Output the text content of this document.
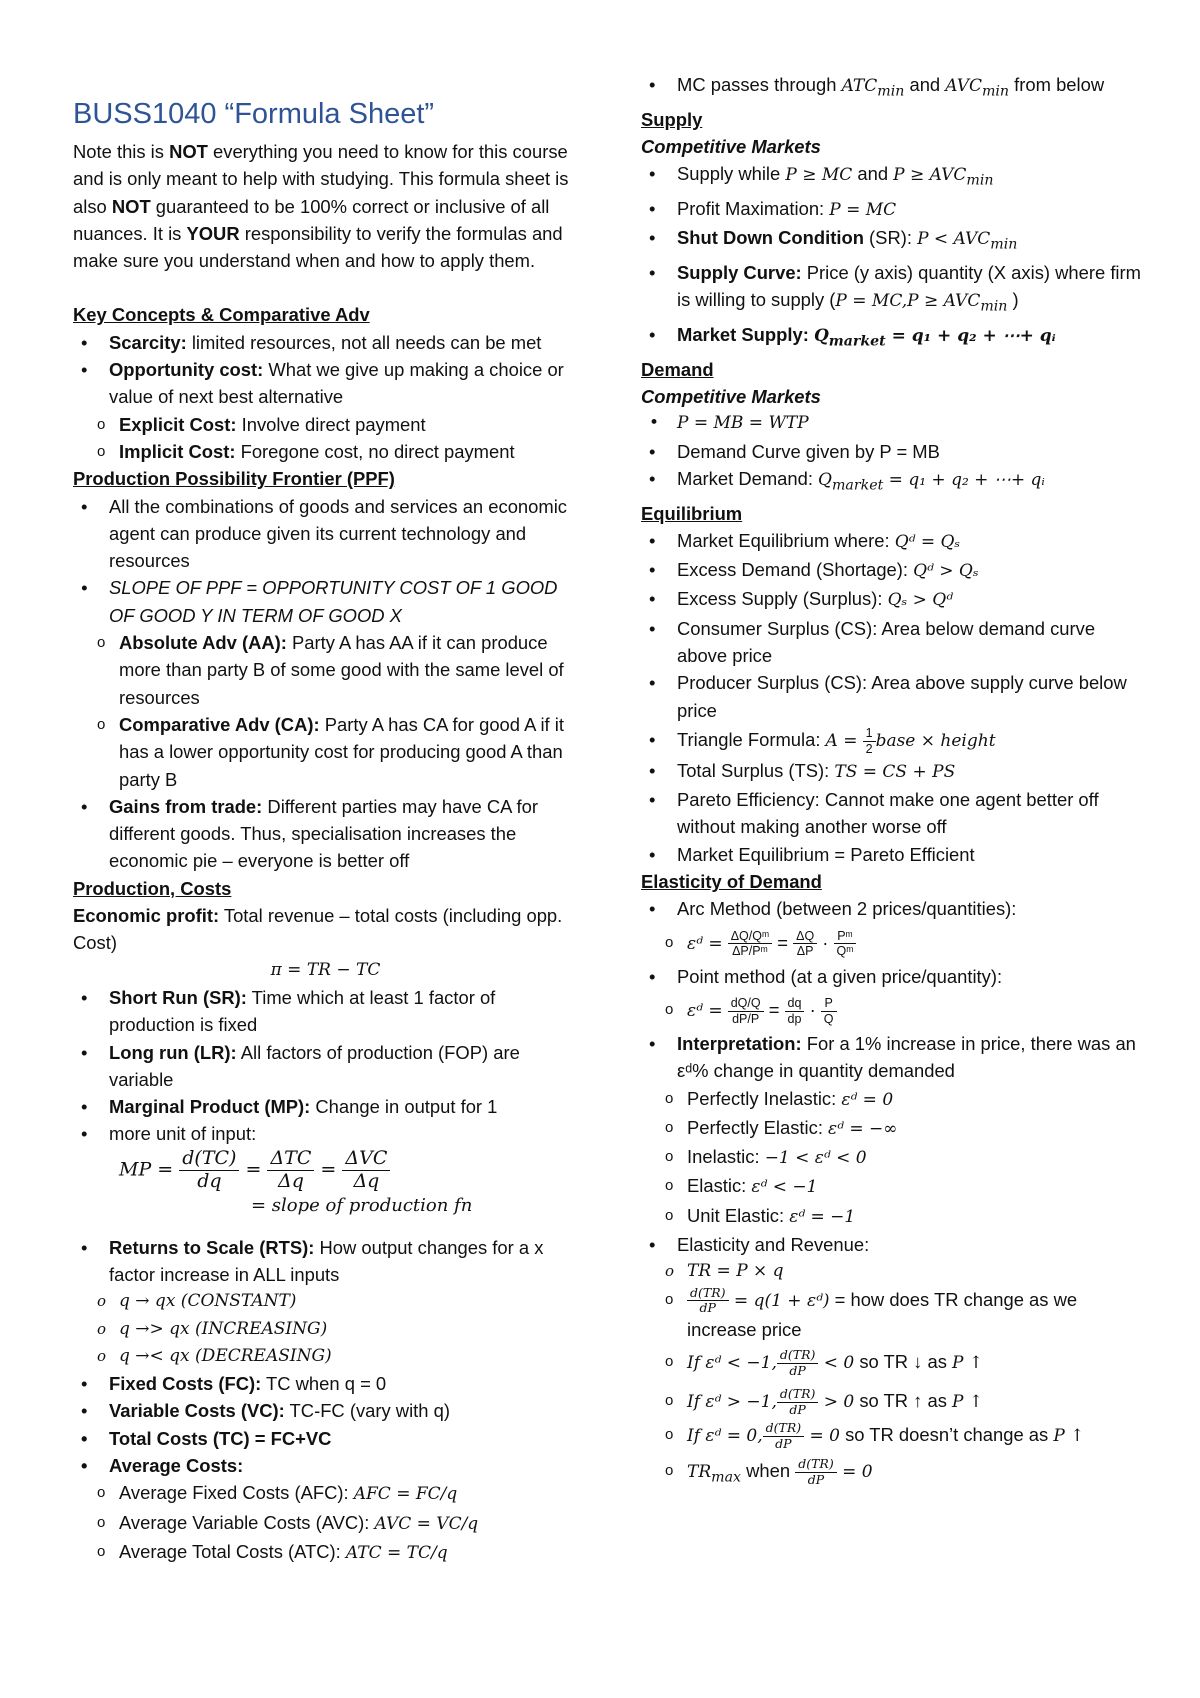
BUSS1040 “Formula Sheet”

Note this is NOT everything you need to know for this course and is only meant to help with studying. This formula sheet is also NOT guaranteed to be 100% correct or inclusive of all nuances. It is YOUR responsibility to verify the formulas and make sure you understand when and how to apply them.

Key Concepts & Comparative Adv
• Scarcity: limited resources, not all needs can be met
• Opportunity cost: What we give up making a choice or value of next best alternative
o Explicit Cost: Involve direct payment
o Implicit Cost: Foregone cost, no direct payment
Production Possibility Frontier (PPF)
• All the combinations of goods and services an economic agent can produce given its current technology and resources
• SLOPE OF PPF = OPPORTUNITY COST OF 1 GOOD OF GOOD Y IN TERM OF GOOD X
o Absolute Adv (AA): Party A has AA if it can produce more than party B of some good with the same level of resources
o Comparative Adv (CA): Party A has CA for good A if it has a lower opportunity cost for producing good A than party B
• Gains from trade: Different parties may have CA for different goods. Thus, specialisation increases the economic pie – everyone is better off
Production, Costs
Economic profit: Total revenue – total costs (including opp. Cost)
π = TR − TC
• Short Run (SR): Time which at least 1 factor of production is fixed
• Long run (LR): All factors of production (FOP) are variable
• Marginal Product (MP): Change in output for 1
• more unit of input:
MP = $\frac{d(TC)}{dq} = \frac{\text{ΔTC}}{\Delta q} = \frac{\text{ΔVC}}{\Delta q}$
= slope of production fn
• Returns to Scale (RTS): How output changes for a x factor increase in ALL inputs
o q → qx (CONSTANT)
o q →> qx (INCREASING)
o q →< qx (DECREASING)
• Fixed Costs (FC): TC when q = 0
• Variable Costs (VC): TC-FC (vary with q)
• Total Costs (TC) = FC+VC
• Average Costs:
o Average Fixed Costs (AFC): AFC = FC/q
o Average Variable Costs (AVC): AVC = VC/q
o Average Total Costs (ATC): ATC = TC/q
• MC passes through $ATC_{min}$ and $AVC_{min}$ from below
Supply
Competitive Markets
• Supply while P ≥ MC and $P \ge AVC_{min}$
• Profit Maximation: P = MC
• Shut Down Condition (SR): $P < AVC_{min}$
• Supply Curve: Price (y axis) quantity (X axis) where firm is willing to supply ($P = MC,P \ge AVC_{min}$ )
• Market Supply: $Q_{market} = q_1 + q_2$ + ⋯+ qᵢ
Demand
Competitive Markets
• P = MB = WTP
• Demand Curve given by P = MB
• Market Demand: $Q_{market} = q_1 + q_2$ + ⋯+ qᵢ
Equilibrium
• Market Equilibrium where: Qᵈ = Qₛ
• Excess Demand (Shortage): Qᵈ > Qₛ
• Excess Supply (Surplus): Qₛ > Qᵈ
• Consumer Surplus (CS): Area below demand curve above price
• Producer Surplus (CS): Area above supply curve below price
• Triangle Formula: $A = \frac{1}{2}$ base × height
• Total Surplus (TS): TS = CS + PS
• Pareto Efficiency: Cannot make one agent better off without making another worse off
• Market Equilibrium = Pareto Efficient
Elasticity of Demand
• Arc Method (between 2 prices/quantities):
o εᵈ = $\frac{\text{ΔQ/Qᵐ}}{\text{ΔP/Pᵐ}} = \frac{\Delta Q}{\Delta P} \cdot \frac{\text{Pᵐ}}{\text{Qᵐ}}$
• Point method (at a given price/quantity):
o εᵈ = $\frac{dQ/Q}{dP/P} = \frac{dq}{dp} \cdot \frac{P}{Q}$
• Interpretation: For a 1% increase in price, there was an εᵈ% change in quantity demanded
o Perfectly Inelastic: εᵈ = 0
o Perfectly Elastic: εᵈ = −∞
o Inelastic: −1 < εᵈ < 0
o Elastic: εᵈ < −1
o Unit Elastic: εᵈ = −1
• Elasticity and Revenue:
o TR = P × q
o $\frac{d(TR)}{dP} = q(1$ + εᵈ) = how does TR change as we increase price
o If εᵈ < −1, $\frac{d(TR)}{dP} < 0$ so TR ↓ as P ↑
o If εᵈ > −1, $\frac{d(TR)}{dP} > 0$ so TR ↑ as P ↑
o If εᵈ = 0, $\frac{d(TR)}{dP} = 0$ so TR doesn’t change as P ↑
o $TR_{max}$ when $\frac{d(TR)}{dP} = 0$
